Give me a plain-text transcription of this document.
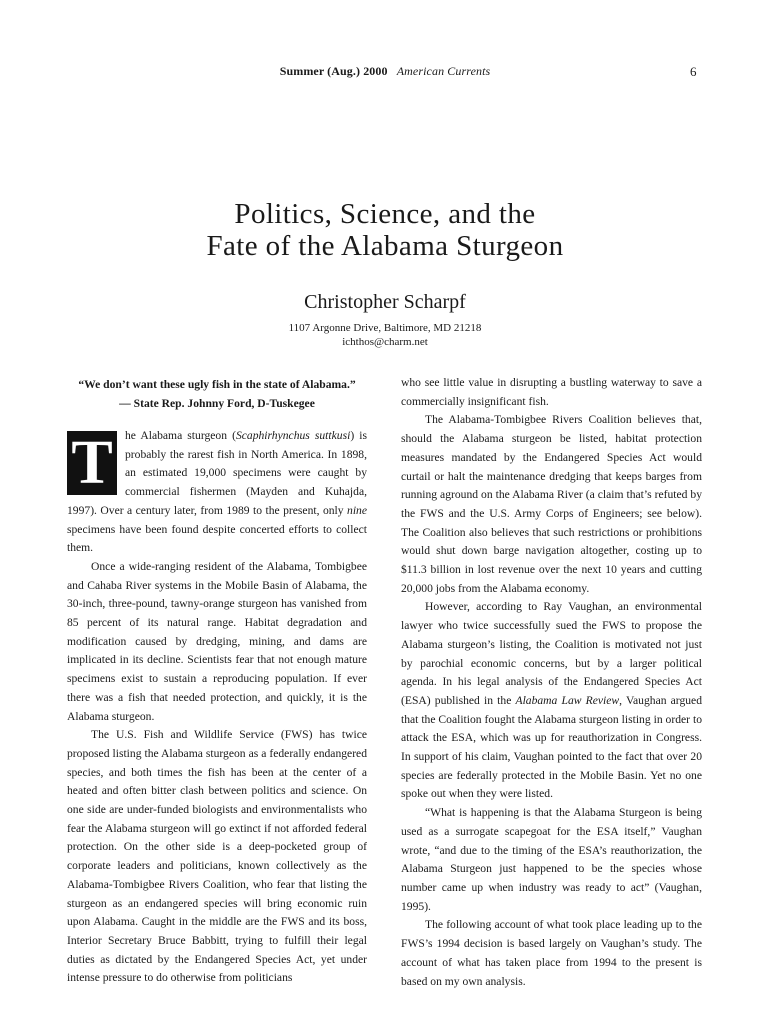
Summer (Aug.) 2000 American Currents	6
Politics, Science, and the
Fate of the Alabama Sturgeon
Christopher Scharpf
1107 Argonne Drive, Baltimore, MD 21218
ichthos@charm.net
“We don’t want these ugly fish in the state of Alabama.”
— State Rep. Johnny Ford, D-Tuskegee

T	he Alabama sturgeon (Scaphirhynchus suttkusi) is probably the rarest fish in North America. In 1898, an estimated 19,000 specimens were caught by commercial fishermen (Mayden and Kuhajda, 1997). Over a century later, from 1989 to the present, only nine specimens have been found despite concerted efforts to collect them.

Once a wide-ranging resident of the Alabama, Tombigbee and Cahaba River systems in the Mobile Basin of Alabama, the 30-inch, three-pound, tawny-orange sturgeon has vanished from 85 percent of its natural range. Habitat degradation and modification caused by dredging, mining, and dams are implicated in its decline. Scientists fear that not enough mature specimens exist to sustain a reproducing population. If ever there was a fish that needed protection, and quickly, it is the Alabama sturgeon.

The U.S. Fish and Wildlife Service (FWS) has twice proposed listing the Alabama sturgeon as a federally endangered species, and both times the fish has been at the center of a heated and often bitter clash between politics and science. On one side are under-funded biologists and environmentalists who fear the Alabama sturgeon will go extinct if not afforded federal protection. On the other side is a deep-pocketed group of corporate leaders and politicians, known collectively as the Alabama-Tombigbee Rivers Coalition, who fear that listing the sturgeon as an endangered species will bring economic ruin upon Alabama. Caught in the middle are the FWS and its boss, Interior Secretary Bruce Babbitt, trying to fulfill their legal duties as dictated by the Endangered Species Act, yet under intense pressure to do otherwise from politicians

who see little value in disrupting a bustling waterway to save a commercially insignificant fish.

The Alabama-Tombigbee Rivers Coalition believes that, should the Alabama sturgeon be listed, habitat protection measures mandated by the Endangered Species Act would curtail or halt the maintenance dredging that keeps barges from running aground on the Alabama River (a claim that’s refuted by the FWS and the U.S. Army Corps of Engineers; see below). The Coalition also believes that such restrictions or prohibitions would shut down barge navigation altogether, costing up to $11.3 billion in lost revenue over the next 10 years and cutting 20,000 jobs from the Alabama economy.

However, according to Ray Vaughan, an environmental lawyer who twice successfully sued the FWS to propose the Alabama sturgeon’s listing, the Coalition is motivated not just by parochial economic concerns, but by a larger political agenda. In his legal analysis of the Endangered Species Act (ESA) published in the Alabama Law Review, Vaughan argued that the Coalition fought the Alabama sturgeon listing in order to attack the ESA, which was up for reauthorization in Congress. In support of his claim, Vaughan pointed to the fact that over 20 species are federally protected in the Mobile Basin. Yet no one spoke out when they were listed.

“What is happening is that the Alabama Sturgeon is being used as a surrogate scapegoat for the ESA itself,” Vaughan wrote, “and due to the timing of the ESA’s reauthorization, the Alabama Sturgeon just happened to be the species whose number came up when industry was ready to act” (Vaughan, 1995).

The following account of what took place leading up to the FWS’s 1994 decision is based largely on Vaughan’s study. The account of what has taken place from 1994 to the present is based on my own analysis.
